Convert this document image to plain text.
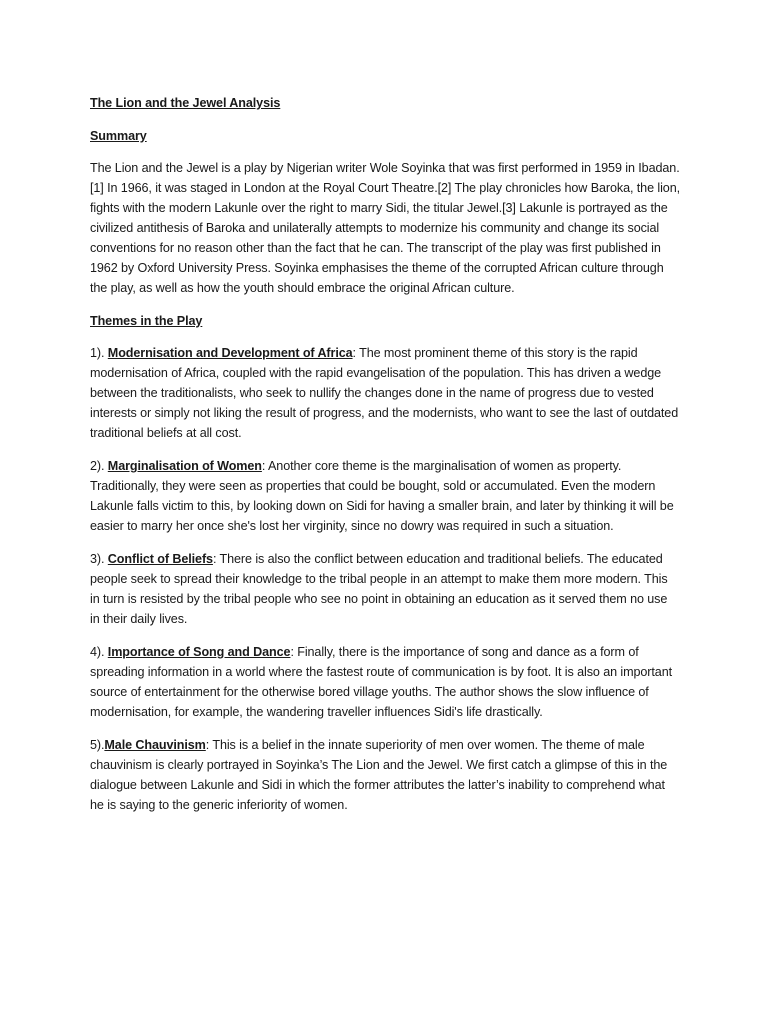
The Lion and the Jewel Analysis
Summary

The Lion and the Jewel is a play by Nigerian writer Wole Soyinka that was first performed in 1959 in Ibadan.[1] In 1966, it was staged in London at the Royal Court Theatre.[2] The play chronicles how Baroka, the lion, fights with the modern Lakunle over the right to marry Sidi, the titular Jewel.[3] Lakunle is portrayed as the civilized antithesis of Baroka and unilaterally attempts to modernize his community and change its social conventions for no reason other than the fact that he can. The transcript of the play was first published in 1962 by Oxford University Press. Soyinka emphasises the theme of the corrupted African culture through the play, as well as how the youth should embrace the original African culture.

Themes in the Play

1). Modernisation and Development of Africa: The most prominent theme of this story is the rapid modernisation of Africa, coupled with the rapid evangelisation of the population. This has driven a wedge between the traditionalists, who seek to nullify the changes done in the name of progress due to vested interests or simply not liking the result of progress, and the modernists, who want to see the last of outdated traditional beliefs at all cost.

2). Marginalisation of Women: Another core theme is the marginalisation of women as property. Traditionally, they were seen as properties that could be bought, sold or accumulated. Even the modern Lakunle falls victim to this, by looking down on Sidi for having a smaller brain, and later by thinking it will be easier to marry her once she's lost her virginity, since no dowry was required in such a situation.

3). Conflict of Beliefs: There is also the conflict between education and traditional beliefs. The educated people seek to spread their knowledge to the tribal people in an attempt to make them more modern. This in turn is resisted by the tribal people who see no point in obtaining an education as it served them no use in their daily lives.

4). Importance of Song and Dance: Finally, there is the importance of song and dance as a form of spreading information in a world where the fastest route of communication is by foot. It is also an important source of entertainment for the otherwise bored village youths. The author shows the slow influence of modernisation, for example, the wandering traveller influences Sidi's life drastically.

5).Male Chauvinism: This is a belief in the innate superiority of men over women. The theme of male chauvinism is clearly portrayed in Soyinka’s The Lion and the Jewel. We first catch a glimpse of this in the dialogue between Lakunle and Sidi in which the former attributes the latter’s inability to comprehend what he is saying to the generic inferiority of women.
